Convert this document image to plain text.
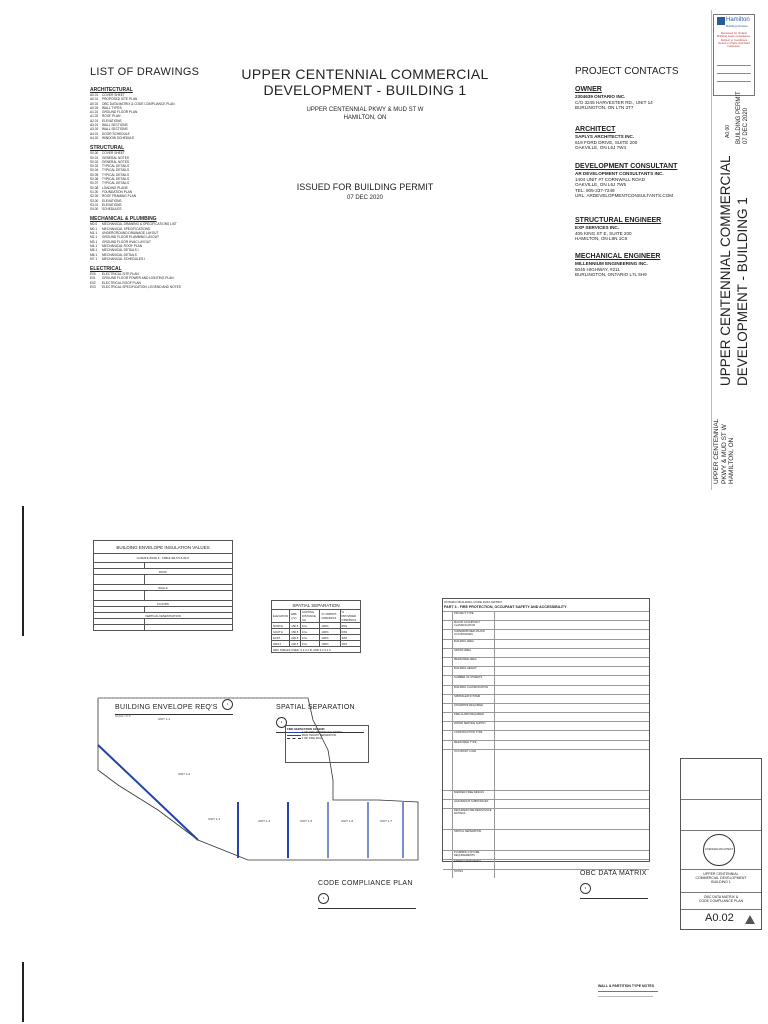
LIST OF DRAWINGS
ARCHITECTURAL
A0.01 COVER SHEET
A0.01 PROPOSED SITE PLAN
A0.02 OBC DATA MATRIX & CODE COMPLIANCE PLAN
A0.03 WALL TYPES
A1.01 GROUND FLOOR PLAN
A1.02 ROOF PLAN
A2.01 ELEVATIONS
A3.01 WALL SECTIONS
A3.02 WALL SECTIONS
A4.01 DOOR SCHEDULE
A4.02 WINDOW SCHEDULE
STRUCTURAL
S0.00 COVER SHEET
S0.01 GENERAL NOTES
S0.02 GENERAL NOTES
S0.03 TYPICAL DETAILS
S0.04 TYPICAL DETAILS
S0.05 TYPICAL DETAILS
S0.06 TYPICAL DETAILS
S0.07 TYPICAL DETAILS
S0.08 LOADING PLANS
S1.00 FOUNDATION PLAN
S2.00 ROOF FRAMING PLAN
S3.00 ELEVATIONS
S3.01 ELEVATIONS
S4.00 SCHEDULES
MECHANICAL & PLUMBING
M0.0 MECHANICAL DRAWING & SPECIFICATIONS LIST
M0.1 MECHANICAL SPECIFICATIONS
M1.1 UNDERGROUND DRAINAGE LAYOUT
M2.1 GROUND FLOOR PLUMBING LAYOUT
M3.1 GROUND FLOOR HVAC LAYOUT
M4.1 MECHANICAL ROOF PLAN
M5.1 MECHANICAL DETAILS I
M6.1 MECHANICAL DETAILS
M7.1 MECHANICAL SCHEDULES I
ELECTRICAL
E00 ELECTRICAL SITE PLAN
E01 GROUND FLOOR POWER AND LIGHTING PLAN
E02 ELECTRICAL ROOF PLAN
E03 ELECTRICAL SPECIFICATION, LEGEND AND NOTES
UPPER CENTENNIAL COMMERCIAL
DEVELOPMENT - BUILDING 1
UPPER CENTENNIAL PKWY & MUD ST W
HAMILTON, ON
ISSUED FOR BUILDING PERMIT
07 DEC 2020
PROJECT CONTACTS
OWNER
2304639 ONTARIO INC.
C/O 3245 HARVESTER RD., UNIT 14
BURLINGTON, ON L7N 3T7
ARCHITECT
SAPLYS ARCHITECTS INC.
619 FORD DRIVE, SUITE 200
OAKVILLE, ON L6J 7W4
DEVELOPMENT CONSULTANT
AR DEVELOPMENT CONSULTANTS INC.
1404 UNIT #7 CORNWALL ROAD
OAKVILLE, ON L6J 7W5
TEL: 905-337-7249
URL: ARDEVELOPMENTCONSULTANTS.COM
STRUCTURAL ENGINEER
EXP SERVICES INC.
405 KING ST E, SUITE 200
HAMILTON, ON L8N 1C6
MECHANICAL ENGINEER
MILLENNIUM ENGINEERING INC.
5045 HIGHWAY, #211
BURLINGTON, ONTARIO L7L 5H9
Hamilton
Building Division
Reviewed for Ontario Building Code Compliance. Subject to Conditions Noted on Plans and Field Inspection.
A0.00 BUILDING PERMIT 07 DEC 2020
UPPER CENTENNIAL COMMERCIAL DEVELOPMENT - BUILDING 1
UPPER CENTENNIAL PKWY & MUD ST W HAMILTON, ON
BUILDING ENVELOPE INSULATION VALUES	
CLIMATE ZONE 6 - TABLE SB-5.5-6 2017	

ROOF	

WALLS	

FLOORS	

VERTICAL FENESTRATION	

BUILDING ENVELOPE REQ'S	1
SCALE: N.T.S
SPATIAL SEPARATION				
ELEVATION	EBF (m²)	LIMITING DISTANCE (m)	% UNPROT. OPENINGS	% PROVIDED OPENINGS
NORTH	156.5	9.0+	100%	65%
SOUTH	156.5	9.0+	100%	63%
EAST	230.5	9.0+	100%	39%
WEST	230.5	9.0+	100%	16%
GBC TABLES USED: 3.2.3.1.B. AND 3.2.3.1.C				
SPATIAL SEPARATION 2
ONTARIO BUILDING CODE DATA MATRIX
PART 3 - FIRE PROTECTION, OCCUPANT SAFETY AND ACCESSIBILITY
PROJECT TYPE
MAJOR OCCUPANCY CLASSIFICATION
SUPERIMPOSED MAJOR OCCUPANCIES
BUILDING AREA
GROSS AREA
MEZZANINE AREA
BUILDING HEIGHT
NUMBER OF STREETS
BUILDING CLASSIFICATION
SPRINKLER SYSTEM
STANDPIPE REQUIRED
FIRE ALARM REQUIRED
WATER SERVICE SUPPLY
CONSTRUCTION TYPE
MEZZANINE TYPE
OCCUPANT LOAD
BARRIER FREE DESIGN
HAZARDOUS SUBSTANCES
REQUIRED FIRE RESISTANCE RATINGS
SPATIAL SEPARATION
PLUMBING FIXTURE REQUIREMENTS
ENERGY EFFICIENCY
NOTES	OBC DATA MATRIX 3
UNIT 1-1
UNIT 1-2
UNIT 1-3	UNIT 1-4	UNIT 1-5	UNIT 1-6	UNIT 1-7
FIRE SEPARATION LEGEND
1 HR. FIRE RESISTANCE RATING
MAIN TENANT SEPARATION
2 HR. FIRE WALL
CODE COMPLIANCE PLAN 4
LICENCED ARCHITECT
UPPER CENTENNIAL
COMMERCIAL DEVELOPMENT
BUILDING 1
OBC DATA MATRIX &
CODE COMPLIANCE PLAN
A0.02
WALL & PARTITION TYPE NOTES
